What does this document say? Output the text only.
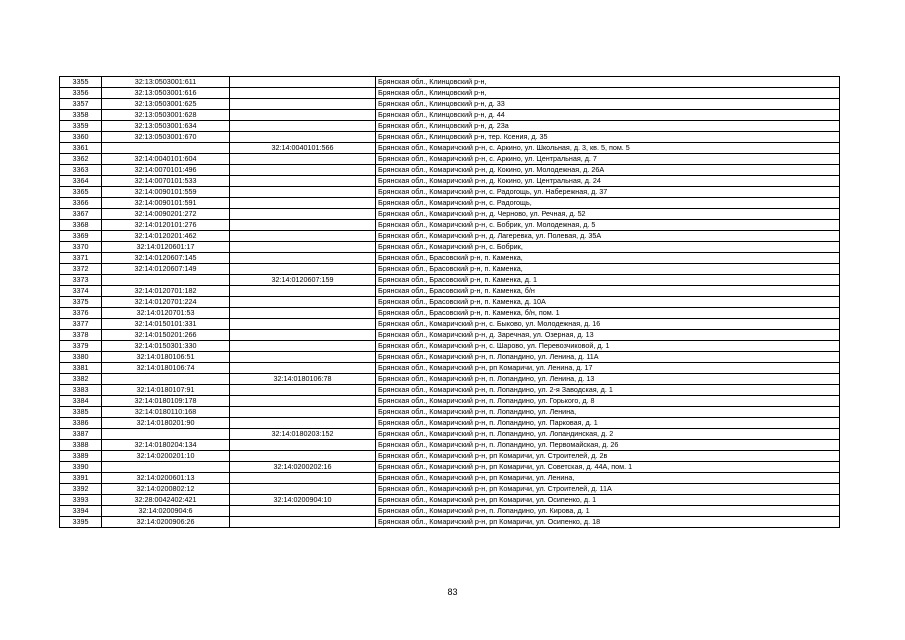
3355	32:13:0503001:611		Брянская обл., Клинцовский р-н,
3356	32:13:0503001:616		Брянская обл., Клинцовский р-н,
3357	32:13:0503001:625		Брянская обл., Клинцовский р-н, д. 33
3358	32:13:0503001:628		Брянская обл., Клинцовский р-н, д. 44
3359	32:13:0503001:634		Брянская обл., Клинцовский р-н, д. 23а
3360	32:13:0503001:670		Брянская обл., Клинцовский р-н, тер. Ксения, д. 35
3361		32:14:0040101:566	Брянская обл., Комаричский р-н, с. Аркино, ул. Школьная, д. 3, кв. 5, пом. 5
3362	32:14:0040101:604		Брянская обл., Комаричский р-н, с. Аркино, ул. Центральная, д. 7
3363	32:14:0070101:496		Брянская обл., Комаричский р-н, д. Кокино, ул. Молодежная, д. 26А
3364	32:14:0070101:533		Брянская обл., Комаричский р-н, д. Кокино, ул. Центральная, д. 24
3365	32:14:0090101:559		Брянская обл., Комаричский р-н, с. Радогощь, ул. Набережная, д. 37
3366	32:14:0090101:591		Брянская обл., Комаричский р-н, с. Радогощь,
3367	32:14:0090201:272		Брянская обл., Комаричский р-н, д. Черново, ул. Речная, д. 52
3368	32:14:0120101:276		Брянская обл., Комаричский р-н, с. Бобрик, ул. Молодежная, д. 5
3369	32:14:0120201:462		Брянская обл., Комаричский р-н, д. Лагеревка, ул. Полевая, д. 35А
3370	32:14:0120601:17		Брянская обл., Комаричский р-н, с. Бобрик,
3371	32:14:0120607:145		Брянская обл., Брасовский р-н, п. Каменка,
3372	32:14:0120607:149		Брянская обл., Брасовский р-н, п. Каменка,
3373		32:14:0120607:159	Брянская обл., Брасовский р-н, п. Каменка, д. 1
3374	32:14:0120701:182		Брянская обл., Брасовский р-н, п. Каменка, б/н
3375	32:14:0120701:224		Брянская обл., Брасовский р-н, п. Каменка, д. 10А
3376	32:14:0120701:53		Брянская обл., Брасовский р-н, п. Каменка, б/н, пом. 1
3377	32:14:0150101:331		Брянская обл., Комаричский р-н, с. Быково, ул. Молодежная, д. 16
3378	32:14:0150201:266		Брянская обл., Комаричский р-н, д. Заречная, ул. Озерная, д. 13
3379	32:14:0150301:330		Брянская обл., Комаричский р-н, с. Шарово, ул. Перевозчиковой, д. 1
3380	32:14:0180106:51		Брянская обл., Комаричский р-н, п. Лопандино, ул. Ленина, д. 11А
3381	32:14:0180106:74		Брянская обл., Комаричский р-н, рп Комаричи, ул. Ленина, д. 17
3382		32:14:0180106:78	Брянская обл., Комаричский р-н, п. Лопандино, ул. Ленина, д. 13
3383	32:14:0180107:91		Брянская обл., Комаричский р-н, п. Лопандино, ул. 2-я Заводская, д. 1
3384	32:14:0180109:178		Брянская обл., Комаричский р-н, п. Лопандино, ул. Горького, д. 8
3385	32:14:0180110:168		Брянская обл., Комаричский р-н, п. Лопандино, ул. Ленина,
3386	32:14:0180201:90		Брянская обл., Комаричский р-н, п. Лопандино, ул. Парковая, д. 1
3387		32:14:0180203:152	Брянская обл., Комаричский р-н, п. Лопандино, ул. Лопандинская, д. 2
3388	32:14:0180204:134		Брянская обл., Комаричский р-н, п. Лопандино, ул. Первомайская, д. 26
3389	32:14:0200201:10		Брянская обл., Комаричский р-н, рп Комаричи, ул. Строителей, д. 2в
3390		32:14:0200202:16	Брянская обл., Комаричский р-н, рп Комаричи, ул. Советская, д. 44А, пом. 1
3391	32:14:0200601:13		Брянская обл., Комаричский р-н, рп Комаричи, ул. Ленина,
3392	32:14:0200802:12		Брянская обл., Комаричский р-н, рп Комаричи, ул. Строителей, д. 11А
3393	32:28:0042402:421	32:14:0200904:10	Брянская обл., Комаричский р-н, рп Комаричи, ул. Осипенко, д. 1
3394	32:14:0200904:6		Брянская обл., Комаричский р-н, п. Лопандино, ул. Кирова, д. 1
3395	32:14:0200906:26		Брянская обл., Комаричский р-н, рп Комаричи, ул. Осипенко, д. 18
83
